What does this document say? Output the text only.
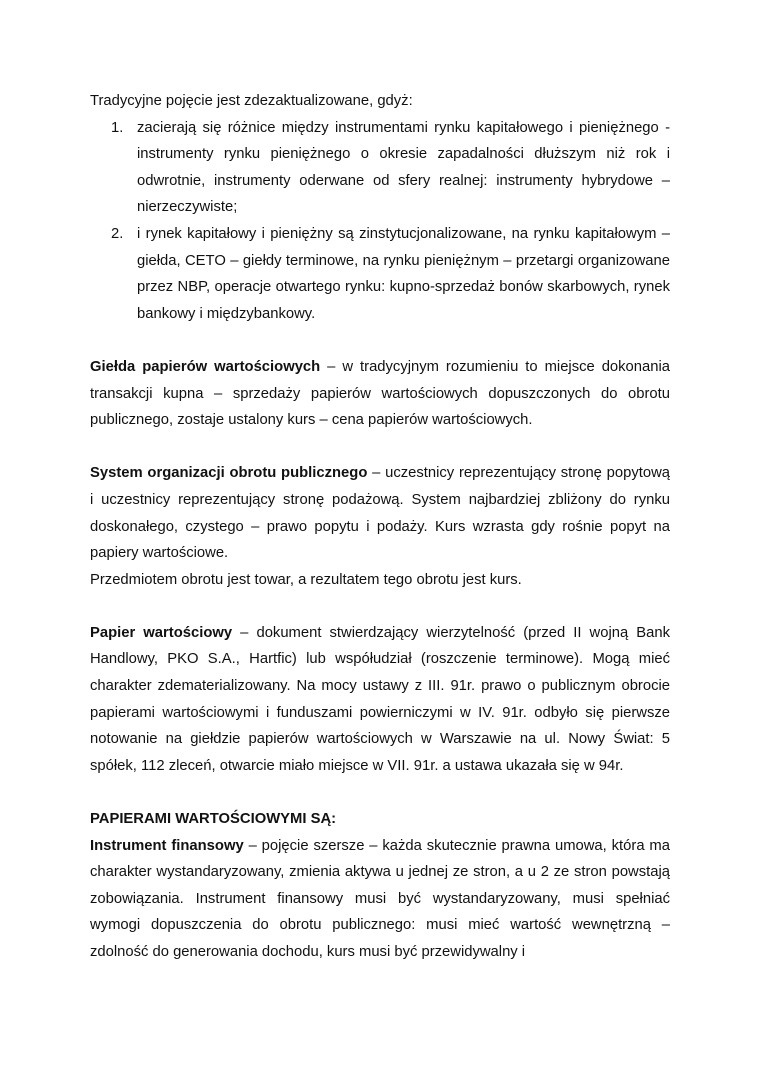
Tradycyjne pojęcie jest zdezaktualizowane, gdyż:

1. zacierają się różnice między instrumentami rynku kapitałowego i pieniężnego - instrumenty rynku pieniężnego o okresie zapadalności dłuższym niż rok i odwrotnie, instrumenty oderwane od sfery realnej: instrumenty hybrydowe – nierzeczywiste;
2. i rynek kapitałowy i pieniężny są zinstytucjonalizowane, na rynku kapitałowym – giełda, CETO – giełdy terminowe, na rynku pieniężnym – przetargi organizowane przez NBP, operacje otwartego rynku: kupno-sprzedaż bonów skarbowych, rynek bankowy i międzybankowy.

Giełda papierów wartościowych – w tradycyjnym rozumieniu to miejsce dokonania transakcji kupna – sprzedaży papierów wartościowych dopuszczonych do obrotu publicznego, zostaje ustalony kurs – cena papierów wartościowych.

System organizacji obrotu publicznego – uczestnicy reprezentujący stronę popytową i uczestnicy reprezentujący stronę podażową. System najbardziej zbliżony do rynku doskonałego, czystego – prawo popytu i podaży. Kurs wzrasta gdy rośnie popyt na papiery wartościowe.

Przedmiotem obrotu jest towar, a rezultatem tego obrotu jest kurs.

Papier wartościowy – dokument stwierdzający wierzytelność (przed II wojną Bank Handlowy, PKO S.A., Hartfic) lub współudział (roszczenie terminowe). Mogą mieć charakter zdematerializowany. Na mocy ustawy z III. 91r. prawo o publicznym obrocie papierami wartościowymi i funduszami powierniczymi w IV. 91r. odbyło się pierwsze notowanie na giełdzie papierów wartościowych w Warszawie na ul. Nowy Świat: 5 spółek, 112 zleceń, otwarcie miało miejsce w VII. 91r. a ustawa ukazała się w 94r.

PAPIERAMI WARTOŚCIOWYMI SĄ:

Instrument finansowy – pojęcie szersze – każda skutecznie prawna umowa, która ma charakter wystandaryzowany, zmienia aktywa u jednej ze stron, a u 2 ze stron powstają zobowiązania. Instrument finansowy musi być wystandaryzowany, musi spełniać wymogi dopuszczenia do obrotu publicznego: musi mieć wartość wewnętrzną – zdolność do generowania dochodu, kurs musi być przewidywalny i
